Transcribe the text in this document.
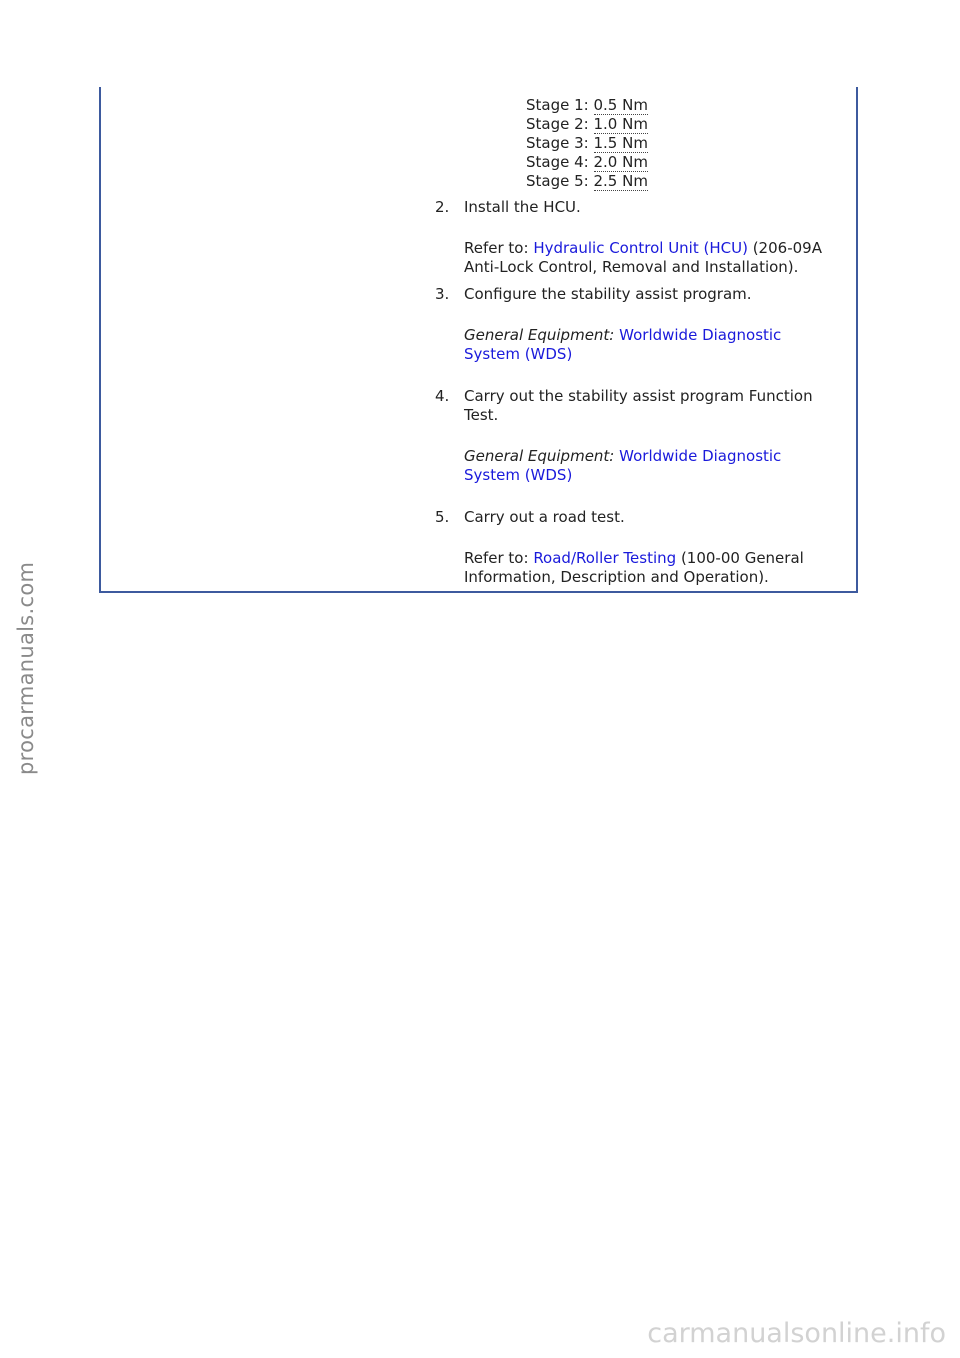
Stage 1: 0.5 Nm
Stage 2: 1.0 Nm
Stage 3: 1.5 Nm
Stage 4: 2.0 Nm
Stage 5: 2.5 Nm
2. Install the HCU.
Refer to: Hydraulic Control Unit (HCU) (206-09A Anti-Lock Control, Removal and Installation).
3. Configure the stability assist program.
General Equipment: Worldwide Diagnostic System (WDS)
4. Carry out the stability assist program Function Test.
General Equipment: Worldwide Diagnostic System (WDS)
5. Carry out a road test.
Refer to: Road/Roller Testing (100-00 General Information, Description and Operation).
procarmanuals.com
carmanualsonline.info
